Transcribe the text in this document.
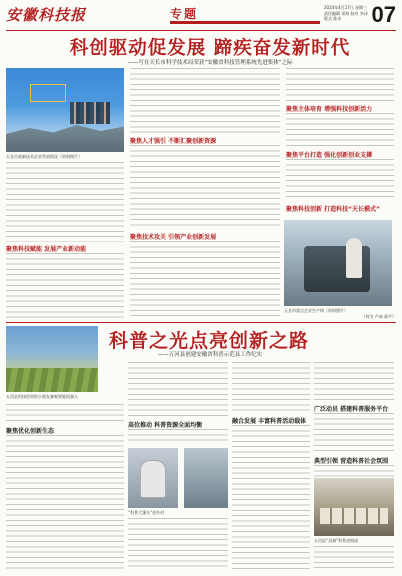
安徽科技报	专题	2024年4月17日 星期三
责任编辑 邓海 校对 李泽 版式 陈卓	07
科创驱动促发展 蹄疾奋发新时代
——写在天长市科学技术局荣获“安徽省科技管理系统先进集体”之际
天长市高新技术企业发展情况（资料照片）
聚焦科技赋能 发展产业新动能
聚焦人才强引 不断汇聚创新资源
聚焦技术攻关 引领产业创新发展
聚焦主体培育 增强科技创新活力
聚焦平台打造 强化创新创业支撑
聚焦科技创新 打造科技“天长模式”
天长市重点企业生产线（资料照片）
（何为 卢茹 蒋平）
五河县科技馆里的小朋友参观智能机器人
科普之光点亮创新之路
——五河县创建安徽省科普示范县工作纪实
聚焦优化创新生态
高位推动 科普资源全面均衡
“科普大篷车”进乡村
融合发展 丰富科普活动载体
广泛动员 搭建科普服务平台
典型引领 营造科普社会氛围
五河县“双减”科普进校园
